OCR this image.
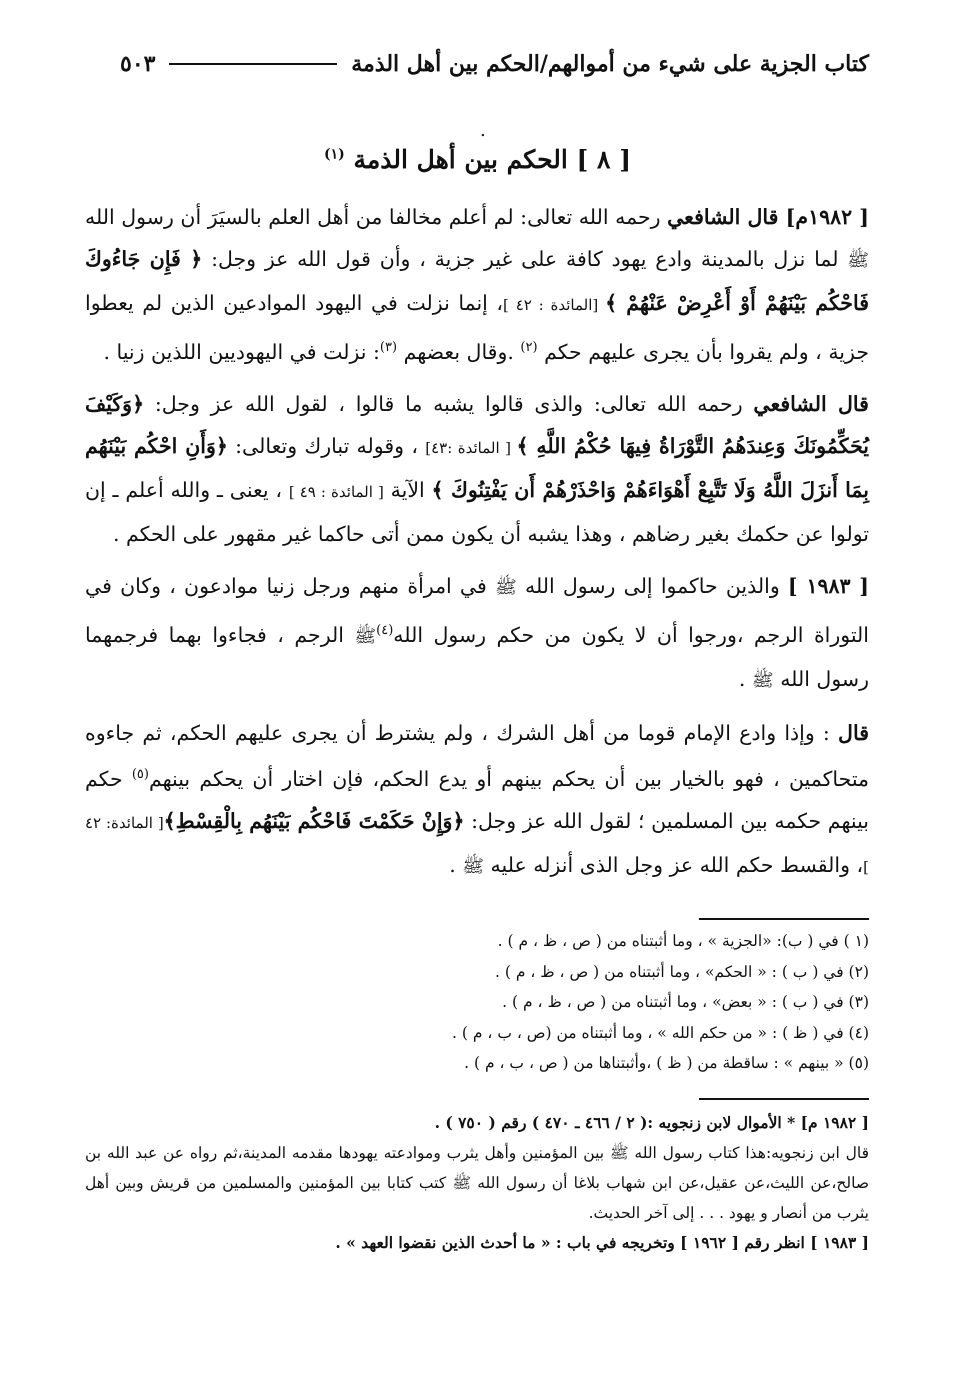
كتاب الجزية على شيء من أموالهم/الحكم بين أهل الذمة
٥٠٣
.
[ ٨ ] الحكم بين أهل الذمة $^{(١)}$

[ ١٩٨٢م] قال الشافعي رحمه الله تعالى: لم أعلم مخالفا من أهل العلم بالسيَرَ أن رسول الله ﷺ لما نزل بالمدينة وادع يهود كافة على غير جزية ، وأن قول الله عز وجل: ﴿ فَإِن جَاءُوكَ فَاحْكُم بَيْنَهُمْ أَوْ أَعْرِضْ عَنْهُمْ ﴾ [المائدة : ٤٢ ]، إنما نزلت في اليهود الموادعين الذين لم يعطوا جزية ، ولم يقروا بأن يجرى عليهم حكم $^{(٢)}$ .وقال بعضهم $^{(٣)}$: نزلت في اليهوديين اللذين زنيا .

قال الشافعي رحمه الله تعالى: والذى قالوا يشبه ما قالوا ، لقول الله عز وجل: ﴿وَكَيْفَ يُحَكِّمُونَكَ وَعِندَهُمُ التَّوْرَاةُ فِيهَا حُكْمُ اللَّهِ ﴾ [ المائدة :٤٣] ، وقوله تبارك وتعالى: ﴿وَأَنِ احْكُم بَيْنَهُم بِمَا أَنزَلَ اللَّهُ وَلَا تَتَّبِعْ أَهْوَاءَهُمْ وَاحْذَرْهُمْ أَن يَفْتِنُوكَ ﴾ الآية [ المائدة : ٤٩ ] ، يعنى ـ والله أعلم ـ إن تولوا عن حكمك بغير رضاهم ، وهذا يشبه أن يكون ممن أتى حاكما غير مقهور على الحكم .

[ ١٩٨٣ ] والذين حاكموا إلى رسول الله ﷺ في امرأة منهم ورجل زنيا موادعون ، وكان في التوراة الرجم ،ورجوا أن لا يكون من حكم رسول الله$^{(٤)}$ﷺ الرجم ، فجاءوا بهما فرجمهما رسول الله ﷺ .

قال : وإذا وادع الإمام قوما من أهل الشرك ، ولم يشترط أن يجرى عليهم الحكم، ثم جاءوه متحاكمين ، فهو بالخيار بين أن يحكم بينهم أو يدع الحكم، فإن اختار أن يحكم بينهم$^{(٥)}$ حكم بينهم حكمه بين المسلمين ؛ لقول الله عز وجل: ﴿وَإِنْ حَكَمْتَ فَاحْكُم بَيْنَهُم بِالْقِسْطِ﴾[ المائدة: ٤٢ ]، والقسط حكم الله عز وجل الذى أنزله عليه ﷺ .

(١ ) في ( ب): «الجزية » ، وما أثبتناه من ( ص ، ظ ، م ) .
(٢) في ( ب ) : « الحكم» ، وما أثبتناه من ( ص ، ظ ، م ) .
(٣) في ( ب ) : « بعض» ، وما أثبتناه من ( ص ، ظ ، م ) .
(٤) في ( ظ ) : « من حكم الله » ، وما أثبتناه من (ص ، ب ، م ) .
(٥) « بينهم » : ساقطة من ( ظ ) ،وأثبتناها من ( ص ، ب ، م ) .

[ ١٩٨٢ م] * الأموال لابن زنجويه :( ٢ / ٤٦٦ ـ ٤٧٠ ) رقم ( ٧٥٠ ) .

قال ابن زنجويه:هذا كتاب رسول الله ﷺ بين المؤمنين وأهل يثرب وموادعته يهودها مقدمه المدينة،ثم رواه عن عبد الله بن صالح،عن الليث،عن عقيل،عن ابن شهاب بلاغا أن رسول الله ﷺ كتب كتابا بين المؤمنين والمسلمين من قريش وبين أهل يثرب من أنصار و يهود . . . إلى آخر الحديث.

[ ١٩٨٣ ] انظر رقم [ ١٩٦٢ ] وتخريجه في باب : « ما أحدث الذين نقضوا العهد » .
